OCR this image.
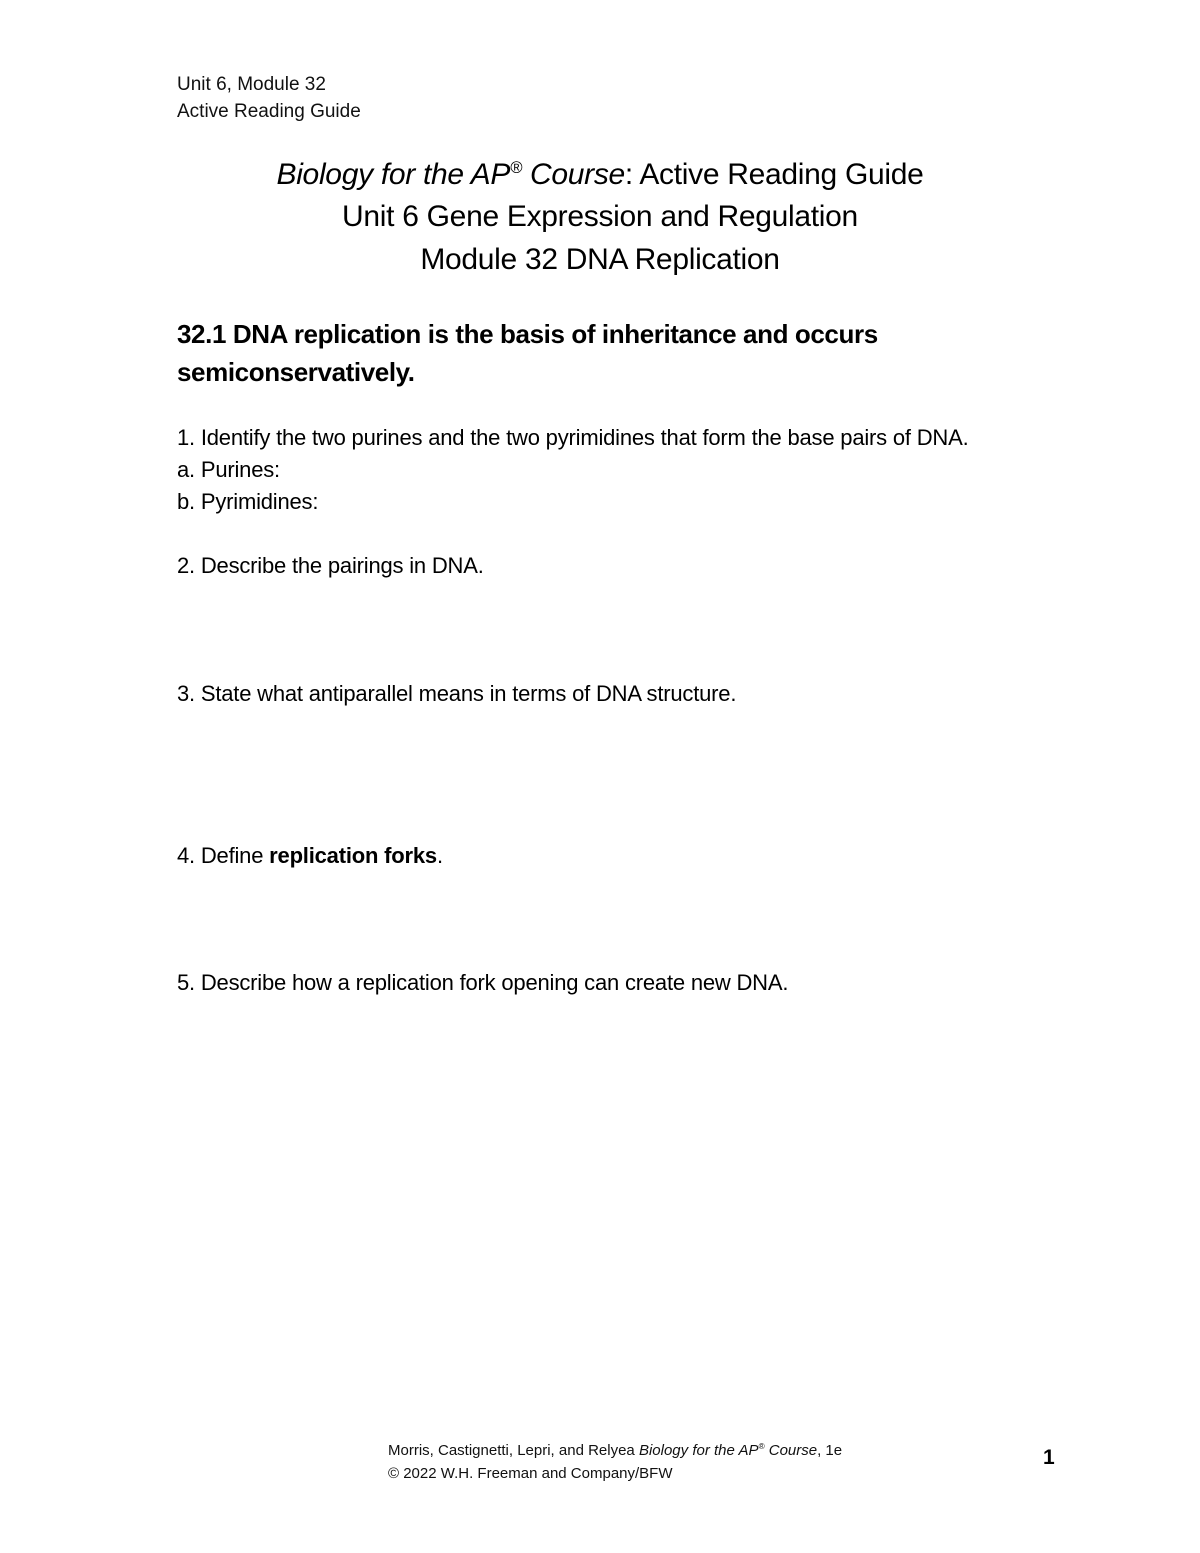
Unit 6, Module 32

Active Reading Guide

Biology for the AP® Course: Active Reading Guide

Unit 6 Gene Expression and Regulation

Module 32 DNA Replication

32.1 DNA replication is the basis of inheritance and occurs semiconservatively.

1. Identify the two purines and the two pyrimidines that form the base pairs of DNA.

a. Purines:

b. Pyrimidines:

2. Describe the pairings in DNA.

3. State what antiparallel means in terms of DNA structure.

4. Define replication forks.

5. Describe how a replication fork opening can create new DNA.

Morris, Castignetti, Lepri, and Relyea Biology for the AP® Course, 1e

© 2022 W.H. Freeman and Company/BFW

1
